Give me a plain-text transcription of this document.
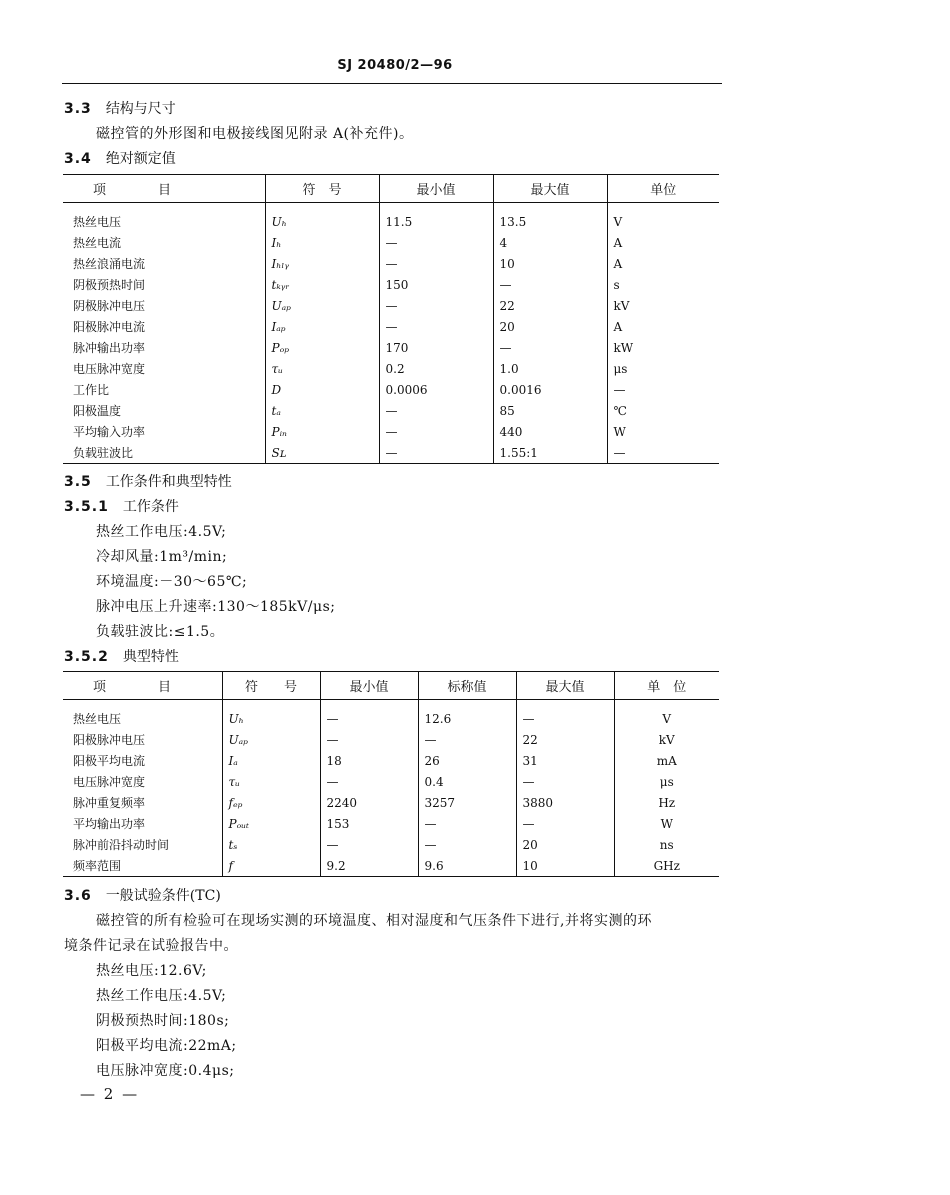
SJ 20480/2—96
3.3 结构与尺寸
磁控管的外形图和电极接线图见附录 A(补充件)。
3.4 绝对额定值
项　　　　目	符　号	最小值	最大值	单位
热丝电压	Uₕ	11.5	13.5	V
热丝电流	Iₕ	—	4	A
热丝浪涌电流	Iₕₗᵧ	—	10	A
阴极预热时间	tₖᵧᵣ	150	—	s
阴极脉冲电压	Uₐₚ	—	22	kV
阳极脉冲电流	Iₐₚ	—	20	A
脉冲输出功率	Pₒₚ	170	—	kW
电压脉冲宽度	τᵤ	0.2	1.0	μs
工作比	D	0.0006	0.0016	—
阳极温度	tₐ	—	85	℃
平均输入功率	Pᵢₙ	—	440	W
负载驻波比	Sʟ	—	1.55:1	—
3.5 工作条件和典型特性
3.5.1 工作条件
热丝工作电压:4.5V;
冷却风量:1m³/min;
环境温度:－30～65℃;
脉冲电压上升速率:130～185kV/μs;
负载驻波比:≤1.5。
3.5.2 典型特性
项　　　　目	符　　号	最小值	标称值	最大值	单　位
热丝电压	Uₕ	—	12.6	—	V
阳极脉冲电压	Uₐₚ	—	—	22	kV
阳极平均电流	Iₐ	18	26	31	mA
电压脉冲宽度	τᵤ	—	0.4	—	μs
脉冲重复频率	fₑₚ	2240	3257	3880	Hz
平均输出功率	Pₒᵤₜ	153	—	—	W
脉冲前沿抖动时间	tₛ	—	—	20	ns
频率范围	f	9.2	9.6	10	GHz
3.6 一般试验条件(TC)
磁控管的所有检验可在现场实测的环境温度、相对湿度和气压条件下进行,并将实测的环
境条件记录在试验报告中。
热丝电压:12.6V;
热丝工作电压:4.5V;
阴极预热时间:180s;
阳极平均电流:22mA;
电压脉冲宽度:0.4μs;
— 2 —
